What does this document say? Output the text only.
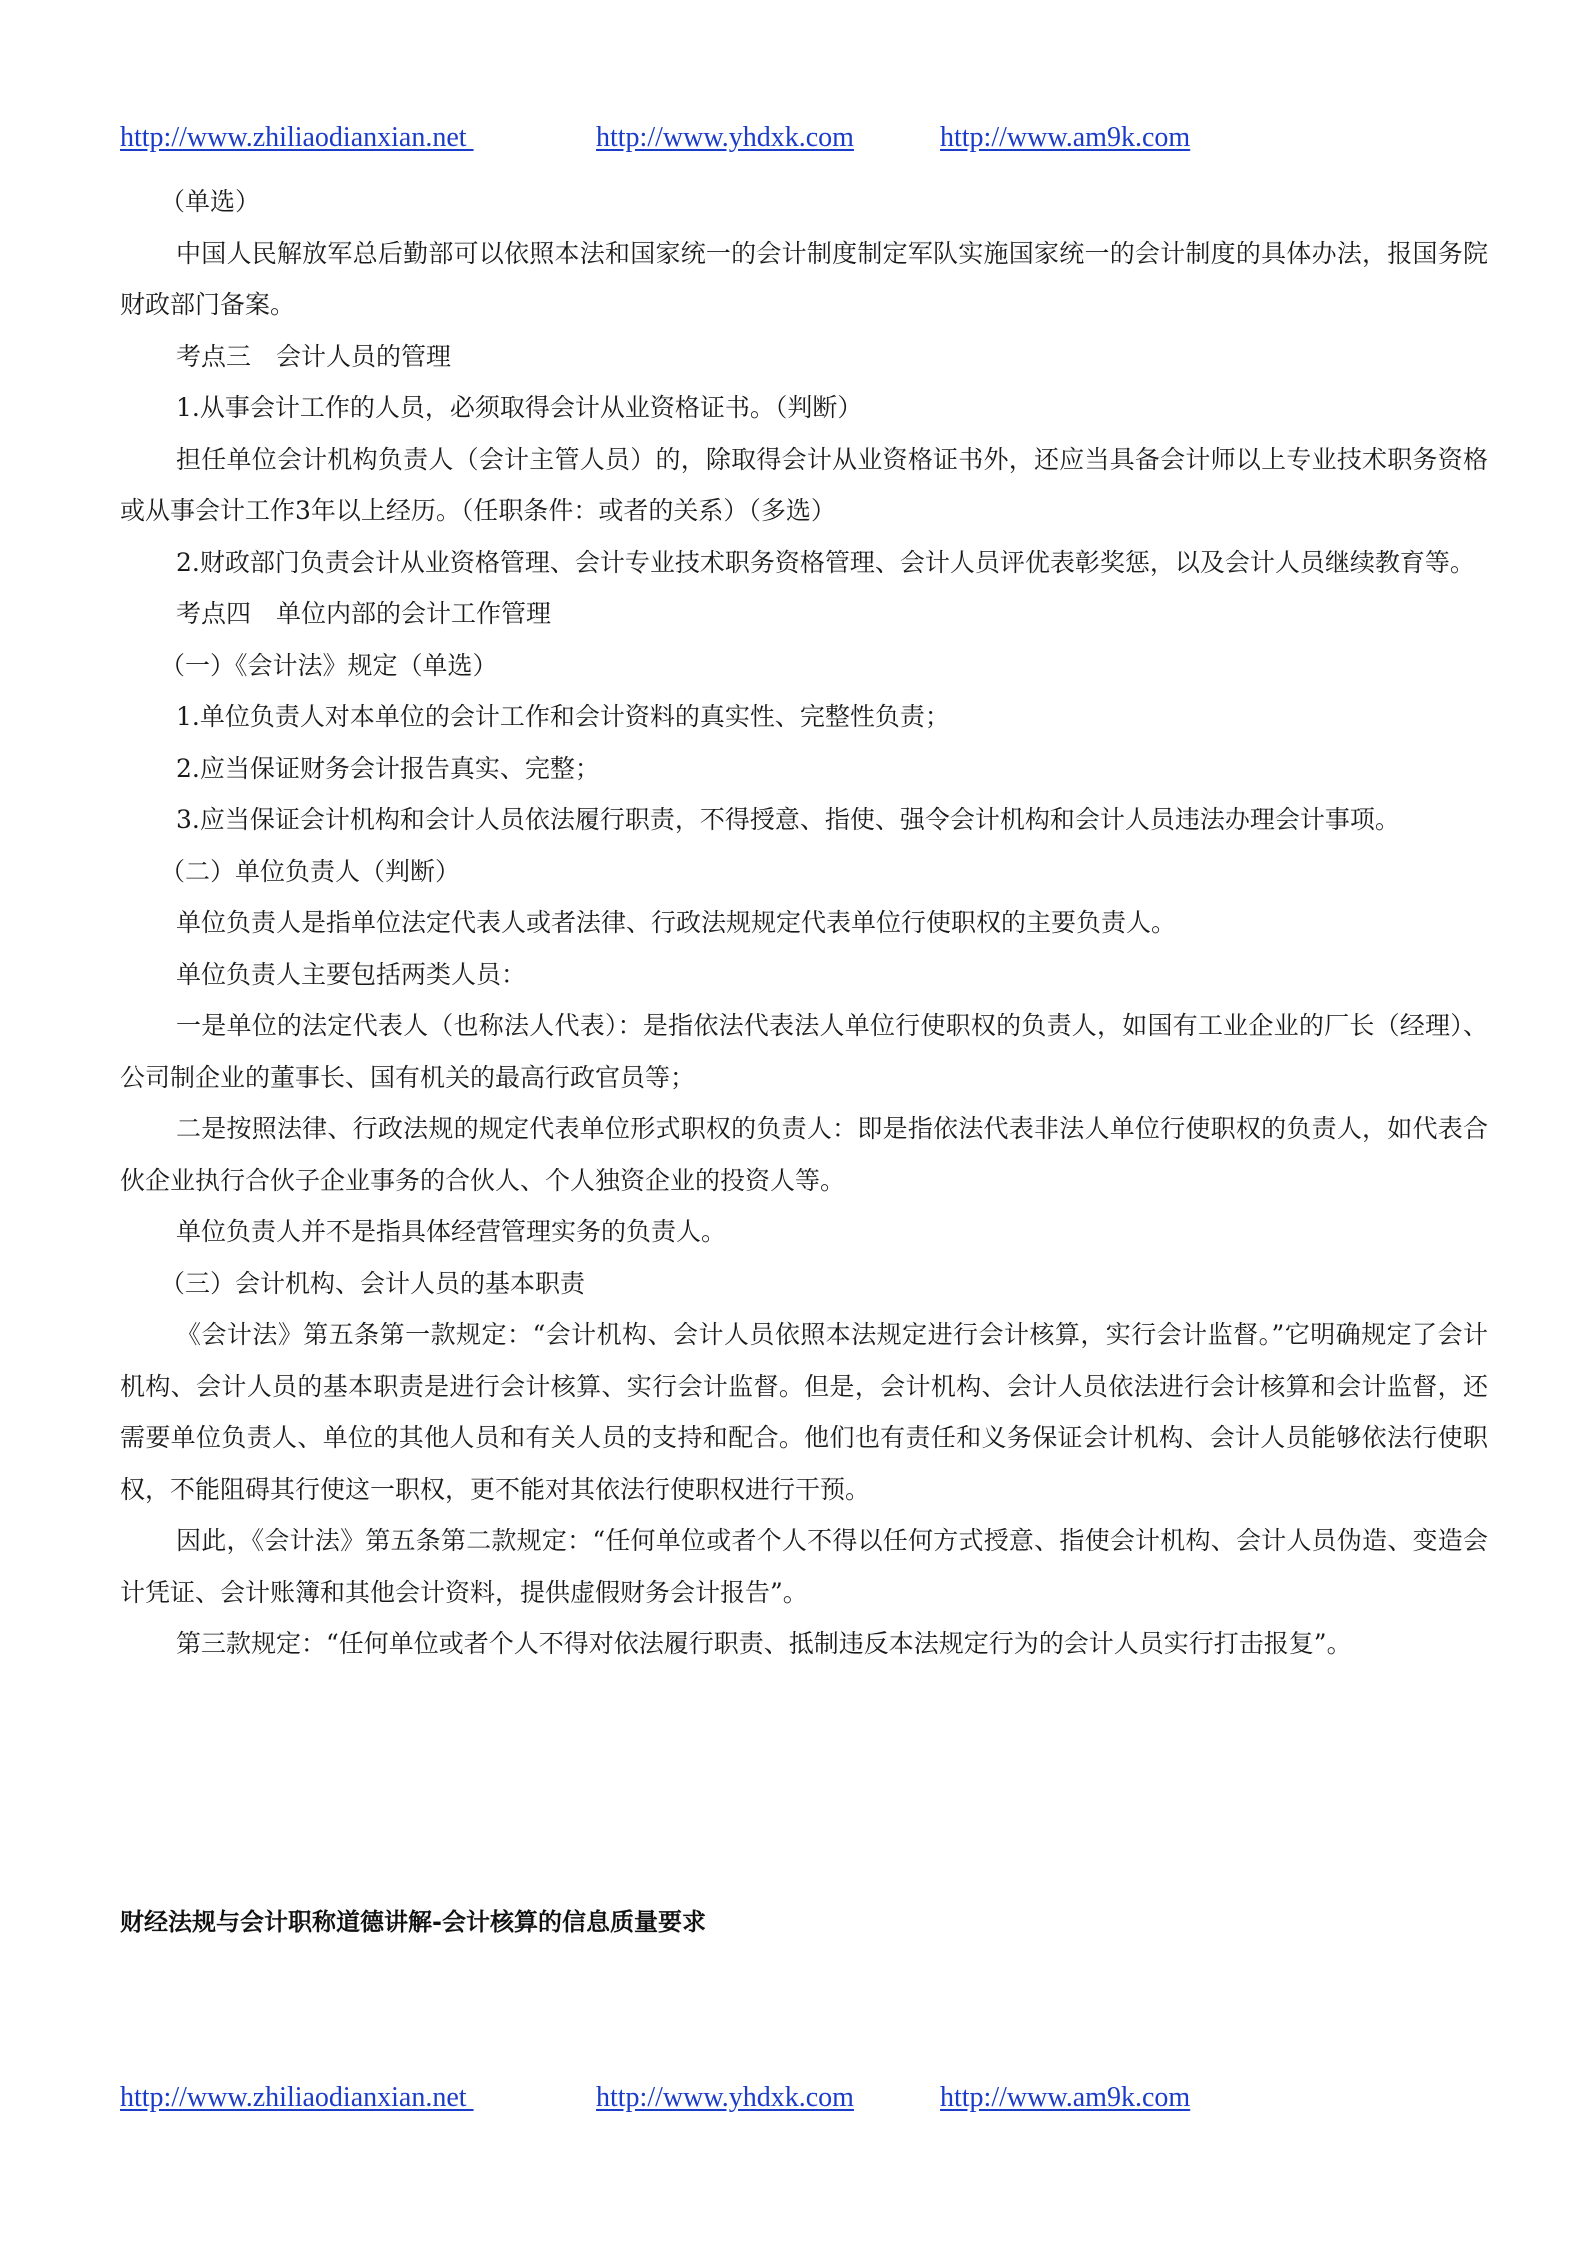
http://www.zhiliaodianxian.net	http://www.yhdxk.com	http://www.am9k.com

（单选）

中国人民解放军总后勤部可以依照本法和国家统一的会计制度制定军队实施国家统一的会计制度的具体办法，报国务院财政部门备案。

考点三　会计人员的管理

1.从事会计工作的人员，必须取得会计从业资格证书。（判断）

担任单位会计机构负责人（会计主管人员）的，除取得会计从业资格证书外，还应当具备会计师以上专业技术职务资格或从事会计工作3年以上经历。（任职条件：或者的关系）（多选）

2.财政部门负责会计从业资格管理、会计专业技术职务资格管理、会计人员评优表彰奖惩，以及会计人员继续教育等。

考点四　单位内部的会计工作管理

（一）《会计法》规定（单选）

1.单位负责人对本单位的会计工作和会计资料的真实性、完整性负责；

2.应当保证财务会计报告真实、完整；

3.应当保证会计机构和会计人员依法履行职责，不得授意、指使、强令会计机构和会计人员违法办理会计事项。

（二）单位负责人（判断）

单位负责人是指单位法定代表人或者法律、行政法规规定代表单位行使职权的主要负责人。

单位负责人主要包括两类人员：

一是单位的法定代表人（也称法人代表）：是指依法代表法人单位行使职权的负责人，如国有工业企业的厂长（经理）、公司制企业的董事长、国有机关的最高行政官员等；

二是按照法律、行政法规的规定代表单位形式职权的负责人：即是指依法代表非法人单位行使职权的负责人，如代表合伙企业执行合伙子企业事务的合伙人、个人独资企业的投资人等。

单位负责人并不是指具体经营管理实务的负责人。

（三）会计机构、会计人员的基本职责

《会计法》第五条第一款规定：“会计机构、会计人员依照本法规定进行会计核算，实行会计监督。”它明确规定了会计机构、会计人员的基本职责是进行会计核算、实行会计监督。但是，会计机构、会计人员依法进行会计核算和会计监督，还需要单位负责人、单位的其他人员和有关人员的支持和配合。他们也有责任和义务保证会计机构、会计人员能够依法行使职权，不能阻碍其行使这一职权，更不能对其依法行使职权进行干预。

因此，《会计法》第五条第二款规定：“任何单位或者个人不得以任何方式授意、指使会计机构、会计人员伪造、变造会计凭证、会计账簿和其他会计资料，提供虚假财务会计报告”。

第三款规定：“任何单位或者个人不得对依法履行职责、抵制违反本法规定行为的会计人员实行打击报复”。

财经法规与会计职称道德讲解-会计核算的信息质量要求
http://www.zhiliaodianxian.net	http://www.yhdxk.com	http://www.am9k.com
